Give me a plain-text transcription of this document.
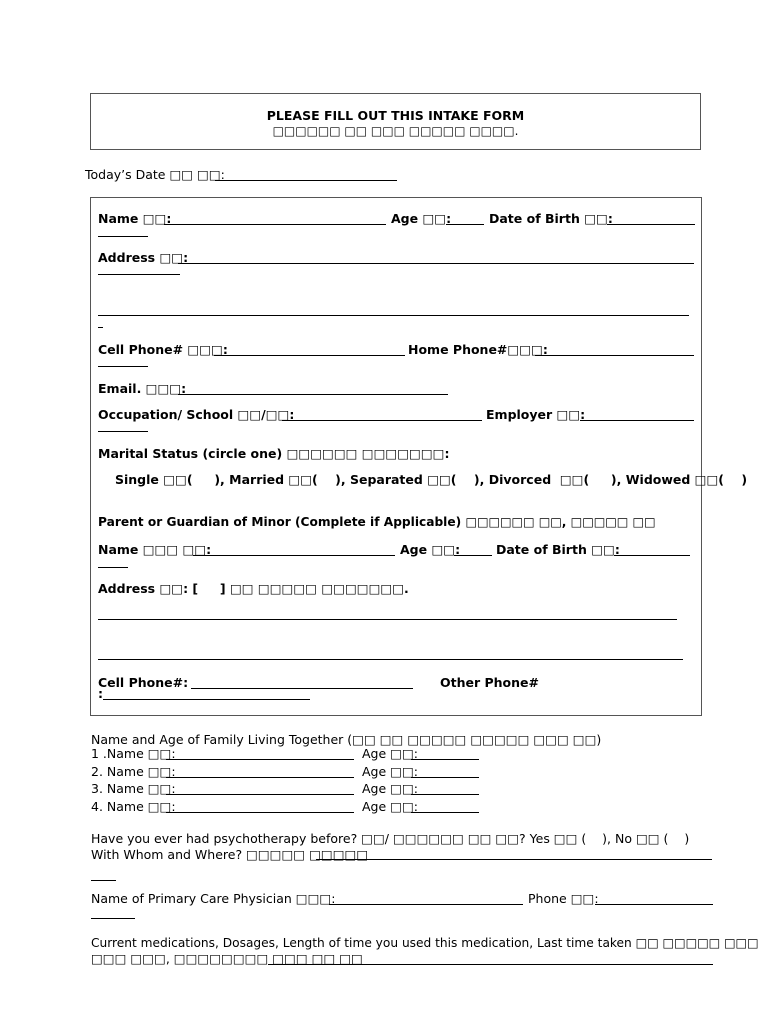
PLEASE FILL OUT THIS INTAKE FORM
□□□□□□ □□ □□□ □□□□□ □□□□.
Today’s Date □□ □□:
Name □□:	Age □□:	Date of Birth □□:
Address □□:
Cell Phone# □□□:	Home Phone#□□□:
Email. □□□:
Occupation/ School □□/□□:	Employer □□:
Marital Status (circle one) □□□□□□ □□□□□□□:
Single □□(     ), Married □□(    ), Separated □□(    ), Divorced  □□(     ), Widowed □□(    )
Parent or Guardian of Minor (Complete if Applicable) □□□□□□ □□, □□□□□ □□
Name □□□ □□:	Age □□:	Date of Birth □□:
Address □□: [     ] □□ □□□□□ □□□□□□□.
Cell Phone#:	Other Phone#
:
Name and Age of Family Living Together (□□ □□ □□□□□ □□□□□ □□□ □□)
1 .Name □□:	Age □□:
2. Name □□:	Age □□:
3. Name □□:	Age □□:
4. Name □□:	Age □□:
Have you ever had psychotherapy before? □□/ □□□□□□ □□ □□? Yes □□ (    ), No □□ (    )
With Whom and Where? □□□□□ □□□□□
Name of Primary Care Physician □□□:	Phone □□:
Current medications, Dosages, Length of time you used this medication, Last time taken □□ □□□□□ □□□
□□□ □□□, □□□□□□□□ □□□ □□ □□
